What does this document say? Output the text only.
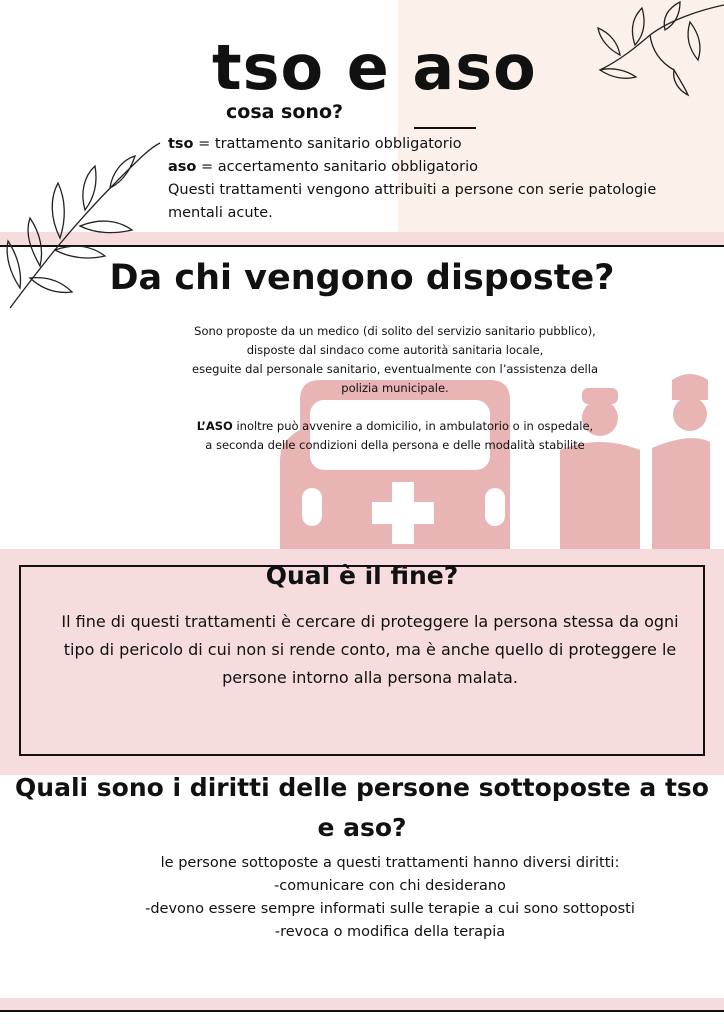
tso e aso
cosa sono?
tso = trattamento sanitario obbligatorio
aso = accertamento sanitario obbligatorio
Questi trattamenti vengono attribuiti a persone con serie patologie mentali acute.
Da chi vengono disposte?
Sono proposte da un medico (di solito del servizio sanitario pubblico),
disposte dal sindaco come autorità sanitaria locale,
eseguite dal personale sanitario, eventualmente con l’assistenza della
polizia municipale.
L’ASO inoltre può avvenire a domicilio, in ambulatorio o in ospedale,
a seconda delle condizioni della persona e delle modalità stabilite
Qual è il fine?
Il fine di questi trattamenti è cercare di proteggere la persona stessa da ogni tipo di pericolo di cui non si rende conto, ma è anche quello di proteggere le persone intorno alla persona malata.
Quali sono i diritti delle persone sottoposte a tso e aso?
le persone sottoposte a questi trattamenti hanno diversi diritti:
-comunicare con chi desiderano
-devono essere sempre informati sulle terapie a cui sono sottoposti
-revoca o modifica della terapia
